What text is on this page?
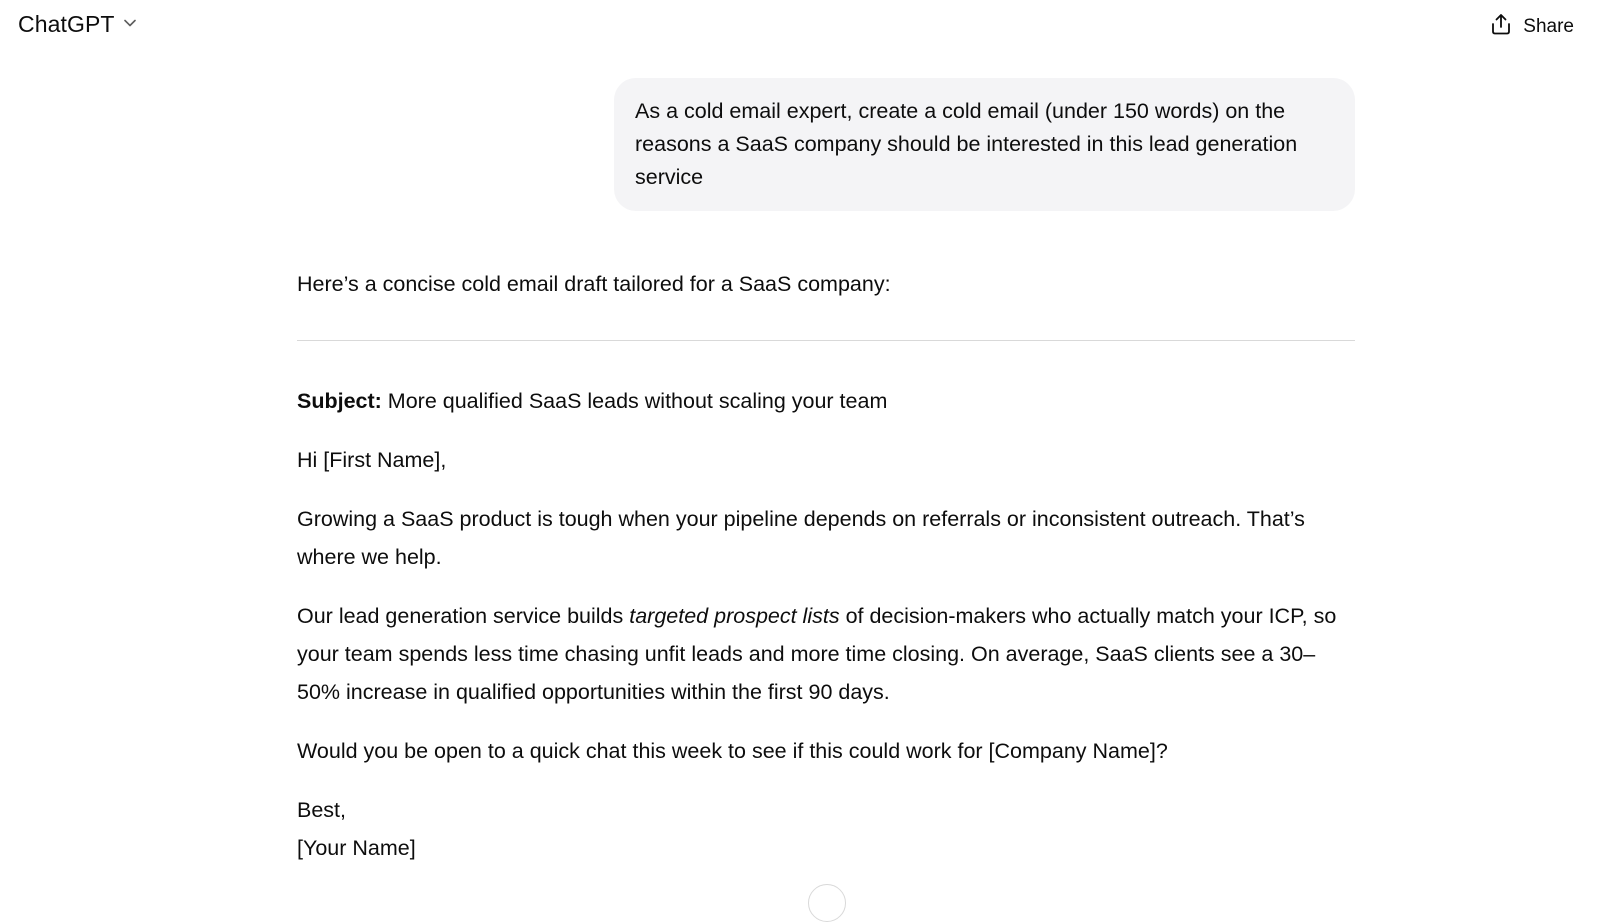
ChatGPT	Share
As a cold email expert, create a cold email (under 150 words) on the reasons a SaaS company should be interested in this lead generation service

Here’s a concise cold email draft tailored for a SaaS company:

Subject: More qualified SaaS leads without scaling your team

Hi [First Name],

Growing a SaaS product is tough when your pipeline depends on referrals or inconsistent outreach. That’s where we help.

Our lead generation service builds targeted prospect lists of decision-makers who actually match your ICP, so your team spends less time chasing unfit leads and more time closing. On average, SaaS clients see a 30–50% increase in qualified opportunities within the first 90 days.

Would you be open to a quick chat this week to see if this could work for [Company Name]?

Best,
[Your Name]
